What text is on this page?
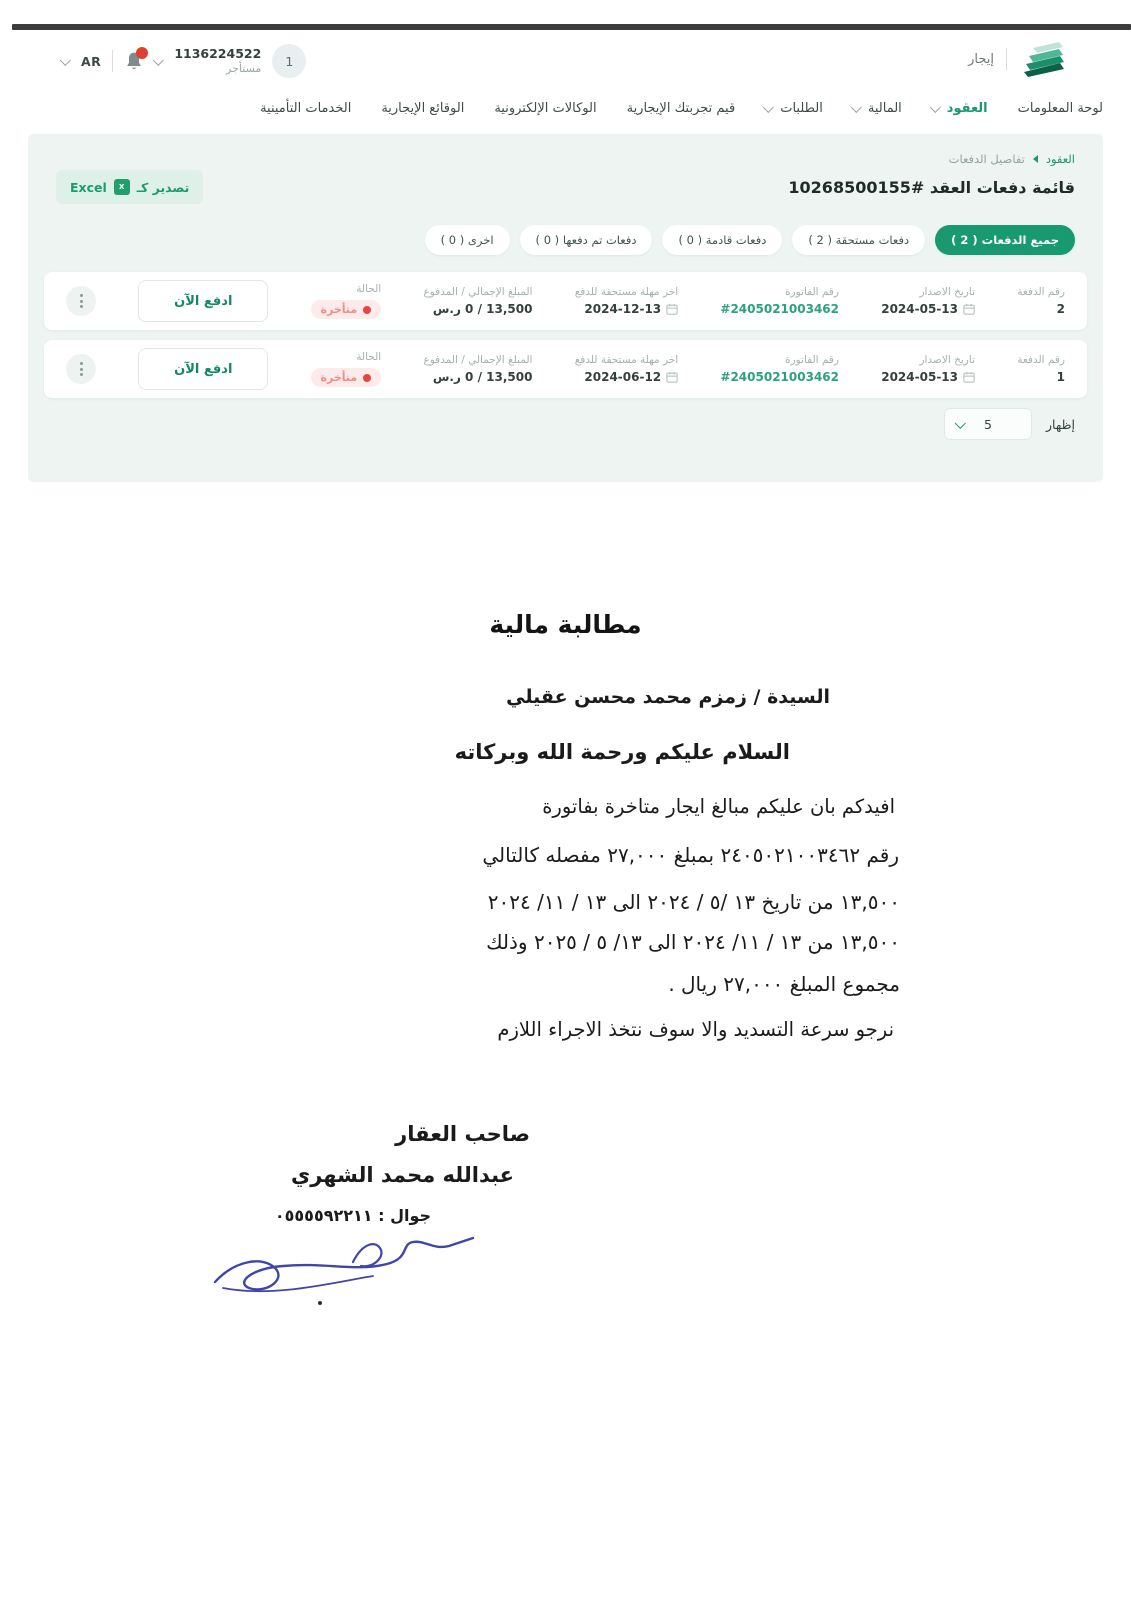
إيجار
AR	1136224522
مستأجر	1
لوحة المعلومات
العقود
المالية
الطلبات
قيم تجربتك الإيجارية
الوكالات الإلكترونية
الوقائع الإيجارية
الخدمات التأمينية
العقود
تفاصيل الدفعات
قائمة دفعات العقد #10268500155
تصدير كـ
X
Excel
جميع الدفعات ( 2 )
دفعات مستحقة ( 2 )
دفعات قادمة ( 0 )
دفعات تم دفعها ( 0 )
اخرى ( 0 )
رقم الدفعة
2
تاريخ الاصدار
2024-05-13
رقم الفاتورة
#2405021003462
اخر مهلة مستحقة للدفع
2024-12-13
المبلغ الإجمالي / المدفوع
13,500 / 0 ر.س
الحالة
متأخرة
ادفع الآن
رقم الدفعة
1
تاريخ الاصدار
2024-05-13
رقم الفاتورة
#2405021003462
اخر مهلة مستحقة للدفع
2024-06-12
المبلغ الإجمالي / المدفوع
13,500 / 0 ر.س
الحالة
متأخرة
ادفع الآن
إظهار
5
مطالبة مالية
السيدة / زمزم محمد محسن عقيلي
السلام عليكم ورحمة الله وبركاته
افيدكم بان عليكم مبالغ ايجار متاخرة بفاتورة
رقم ٢٤٠٥٠٢١٠٠٣٤٦٢ بمبلغ ٢٧,٠٠٠ مفصله كالتالي
١٣,٥٠٠ من تاريخ ١٣ /٥ / ٢٠٢٤ الى ١٣ / ١١/ ٢٠٢٤
١٣,٥٠٠ من ١٣ / ١١/ ٢٠٢٤ الى ١٣/ ٥ / ٢٠٢٥ وذلك
مجموع المبلغ ٢٧,٠٠٠ ريال .
نرجو سرعة التسديد والا سوف نتخذ الاجراء اللازم
صاحب العقار
عبدالله محمد الشهري
جوال : ٠٥٥٥٥٩٢٢١١
